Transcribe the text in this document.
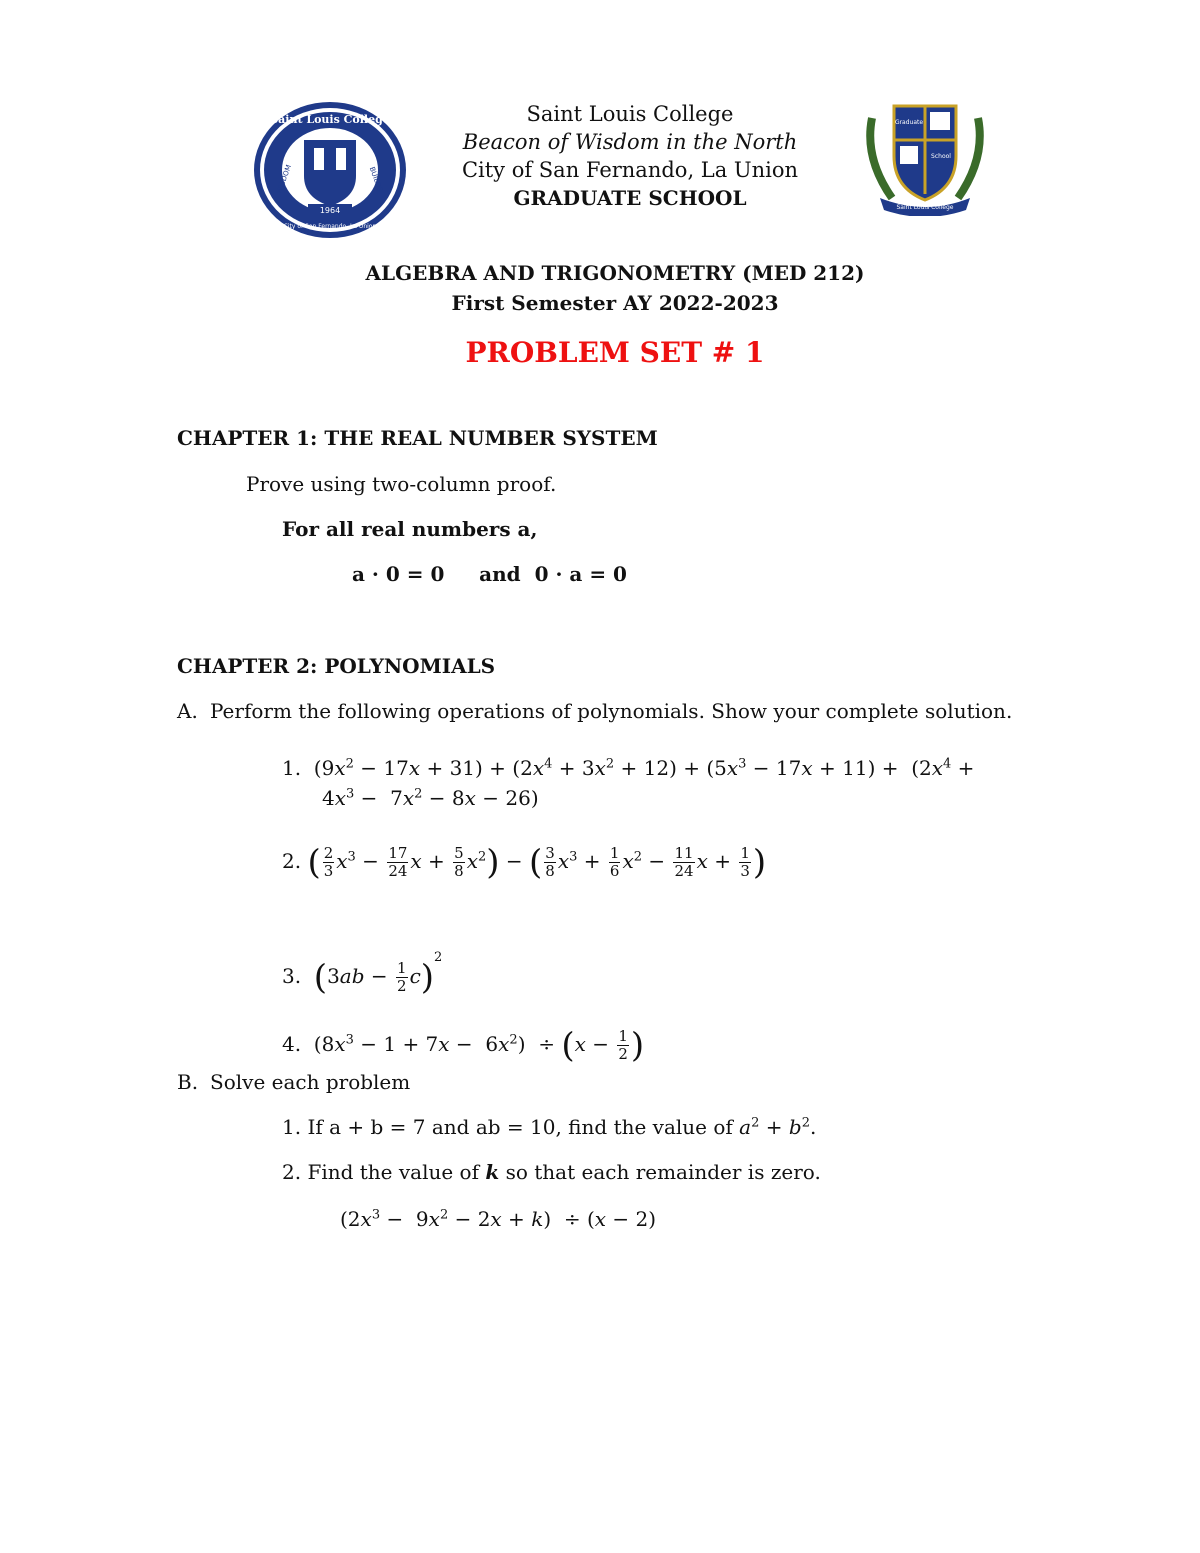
Saint Louis College
WISDOM	BUILDS
1964
City of San Fernando, La Union
Saint Louis College
Beacon of Wisdom in the North
City of San Fernando, La Union
GRADUATE SCHOOL
Graduate
School
Saint Louis College
ALGEBRA AND TRIGONOMETRY (MED 212)
First Semester AY 2022-2023
PROBLEM SET # 1
CHAPTER 1: THE REAL NUMBER SYSTEM
Prove using two-column proof.
For all real numbers a,
a · 0 = 0     and  0 · a = 0
CHAPTER 2: POLYNOMIALS
A. Perform the following operations of polynomials. Show your complete solution.
1.  $(9x^2 - 17x + 31) + (2x^4 + 3x^2 + 12) + (5x^3 - 17x + 11) + (2x^4$ +
$4x^3 - 7x^2 - 8x - 26$)
2. ( $\frac{2}{3} x^3 - \frac{17}{24}$ $x + \frac{5}{8} x^2$) − ( $\frac{3}{8} x^3 + \frac{1}{6} x^2 - \frac{11}{24}$ $x + \frac{1}{3}$ )
3.  $(3ab - \frac{1}{2} c)^2$
4.  $(8x^3 - 1 + 7x - 6x^2) \div (x - \frac{1}{2}$ )
B. Solve each problem
1. If a + b = 7 and ab = 10, find the value of $a^2 + b^2$.
2. Find the value of k so that each remainder is zero.
$(2x^3 - 9x^2 - 2x + k) \div (x - 2)$
